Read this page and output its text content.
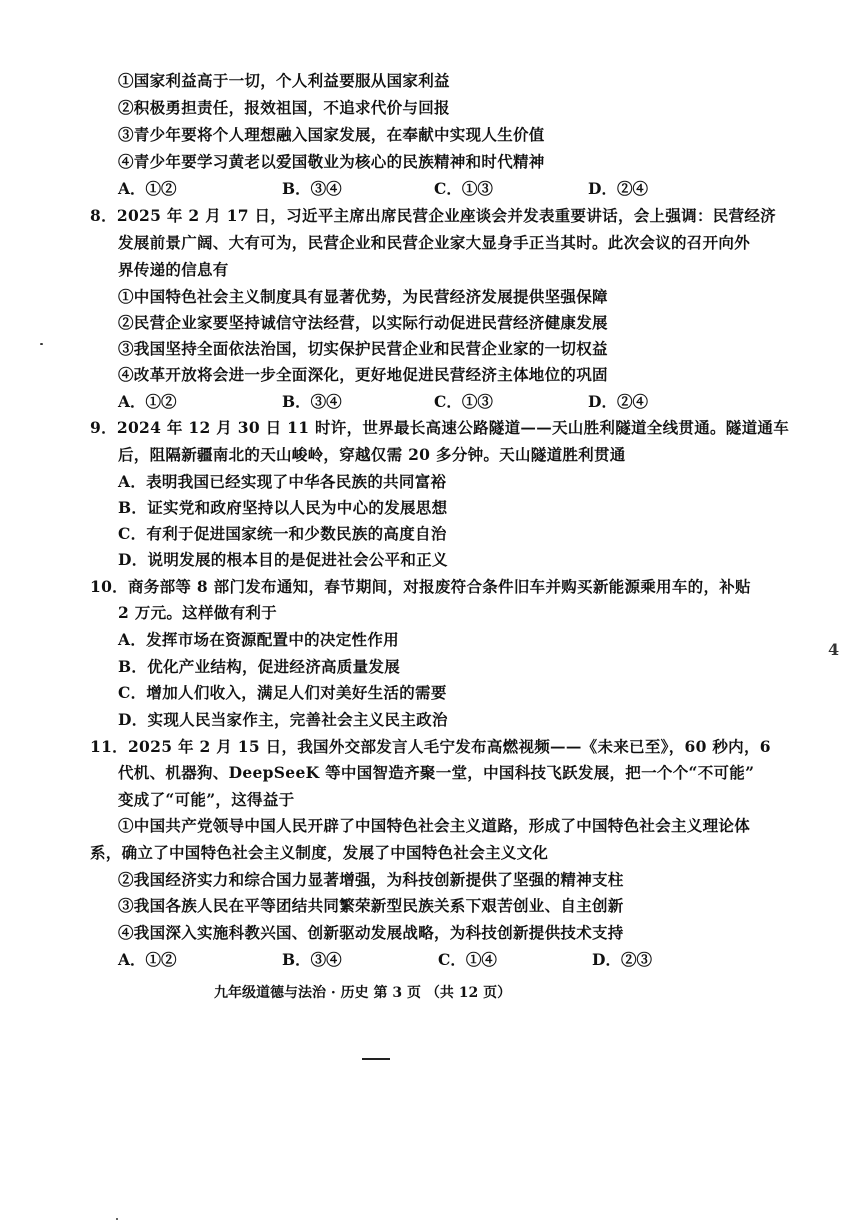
①国家利益高于一切，个人利益要服从国家利益
②积极勇担责任，报效祖国，不追求代价与回报
③青少年要将个人理想融入国家发展，在奉献中实现人生价值
④青少年要学习黄老以爱国敬业为核心的民族精神和时代精神
A．①②	B．③④	C．①③	D．②④
8．2025 年 2 月 17 日，习近平主席出席民营企业座谈会并发表重要讲话，会上强调：民营经济
发展前景广阔、大有可为，民营企业和民营企业家大显身手正当其时。此次会议的召开向外
界传递的信息有
①中国特色社会主义制度具有显著优势，为民营经济发展提供坚强保障
②民营企业家要坚持诚信守法经营，以实际行动促进民营经济健康发展
③我国坚持全面依法治国，切实保护民营企业和民营企业家的一切权益
④改革开放将会进一步全面深化，更好地促进民营经济主体地位的巩固
A．①②	B．③④	C．①③	D．②④
9．2024 年 12 月 30 日 11 时许，世界最长高速公路隧道——天山胜利隧道全线贯通。隧道通车
后，阻隔新疆南北的天山峻岭，穿越仅需 20 多分钟。天山隧道胜利贯通
A．表明我国已经实现了中华各民族的共同富裕
B．证实党和政府坚持以人民为中心的发展思想
C．有利于促进国家统一和少数民族的高度自治
D．说明发展的根本目的是促进社会公平和正义
10．商务部等 8 部门发布通知，春节期间，对报废符合条件旧车并购买新能源乘用车的，补贴
2 万元。这样做有利于
A．发挥市场在资源配置中的决定性作用
B．优化产业结构，促进经济高质量发展
C．增加人们收入，满足人们对美好生活的需要
D．实现人民当家作主，完善社会主义民主政治
11．2025 年 2 月 15 日，我国外交部发言人毛宁发布高燃视频——《未来已至》，60 秒内，6
代机、机器狗、DeepSeeK 等中国智造齐聚一堂，中国科技飞跃发展，把一个个“不可能”
变成了“可能”，这得益于
①中国共产党领导中国人民开辟了中国特色社会主义道路，形成了中国特色社会主义理论体
系，确立了中国特色社会主义制度，发展了中国特色社会主义文化
②我国经济实力和综合国力显著增强，为科技创新提供了坚强的精神支柱
③我国各族人民在平等团结共同繁荣新型民族关系下艰苦创业、自主创新
④我国深入实施科教兴国、创新驱动发展战略，为科技创新提供技术支持
A．①②	B．③④	C．①④	D．②③
九年级道德与法治 · 历史 第 3 页 （共 12 页）
4
